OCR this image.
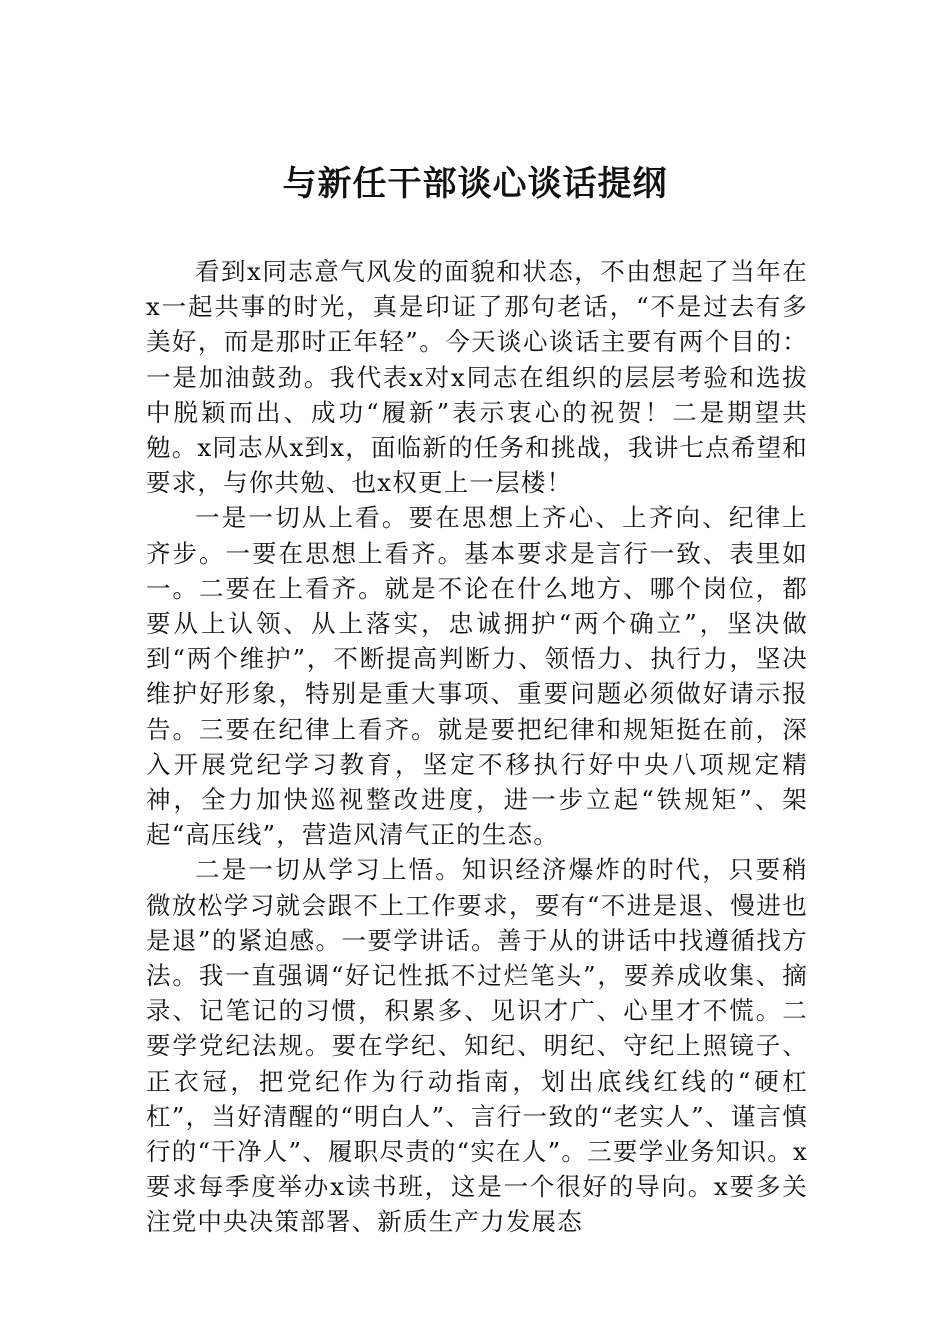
与新任干部谈心谈话提纲

看到x同志意气风发的面貌和状态，不由想起了当年在x一起共事的时光，真是印证了那句老话，“不是过去有多美好，而是那时正年轻”。今天谈心谈话主要有两个目的：一是加油鼓劲。我代表x对x同志在组织的层层考验和选拔中脱颖而出、成功“履新”表示衷心的祝贺！二是期望共勉。x同志从x到x，面临新的任务和挑战，我讲七点希望和要求，与你共勉、也x权更上一层楼！

一是一切从上看。要在思想上齐心、上齐向、纪律上齐步。一要在思想上看齐。基本要求是言行一致、表里如一。二要在上看齐。就是不论在什么地方、哪个岗位，都要从上认领、从上落实，忠诚拥护“两个确立”，坚决做到“两个维护”，不断提高判断力、领悟力、执行力，坚决维护好形象，特别是重大事项、重要问题必须做好请示报告。三要在纪律上看齐。就是要把纪律和规矩挺在前，深入开展党纪学习教育，坚定不移执行好中央八项规定精神，全力加快巡视整改进度，进一步立起“铁规矩”、架起“高压线”，营造风清气正的生态。

二是一切从学习上悟。知识经济爆炸的时代，只要稍微放松学习就会跟不上工作要求，要有“不进是退、慢进也是退”的紧迫感。一要学讲话。善于从的讲话中找遵循找方法。我一直强调“好记性抵不过烂笔头”，要养成收集、摘录、记笔记的习惯，积累多、见识才广、心里才不慌。二要学党纪法规。要在学纪、知纪、明纪、守纪上照镜子、正衣冠，把党纪作为行动指南，划出底线红线的“硬杠杠”，当好清醒的“明白人”、言行一致的“老实人”、谨言慎行的“干净人”、履职尽责的“实在人”。三要学业务知识。x要求每季度举办x读书班，这是一个很好的导向。x要多关注党中央决策部署、新质生产力发展态
